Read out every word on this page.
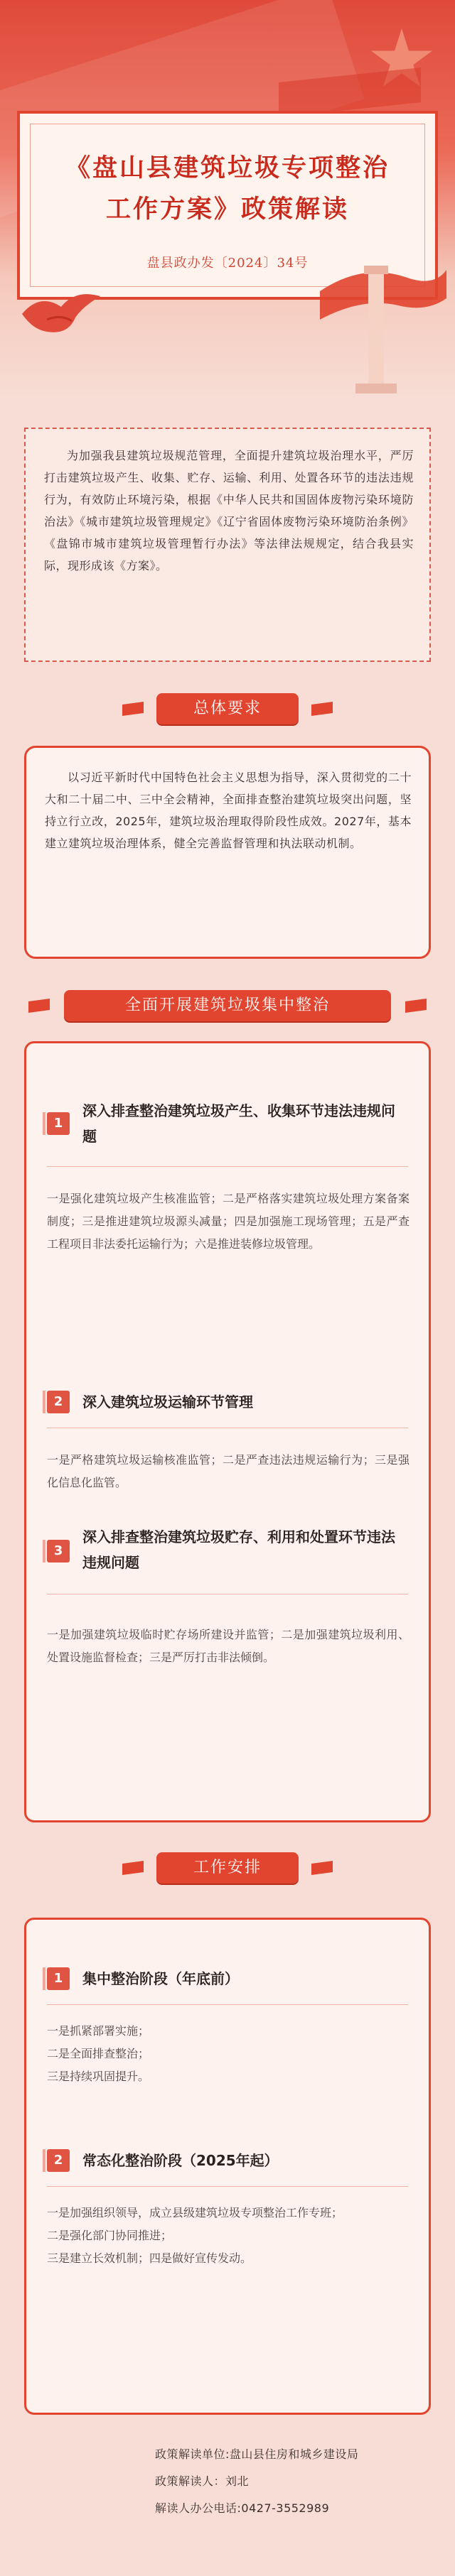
《盘山县建筑垃圾专项整治
工作方案》政策解读
盘县政办发〔2024〕34号
为加强我县建筑垃圾规范管理，全面提升建筑垃圾治理水平，严厉打击建筑垃圾产生、收集、贮存、运输、利用、处置各环节的违法违规行为，有效防止环境污染，根据《中华人民共和国固体废物污染环境防治法》《城市建筑垃圾管理规定》《辽宁省固体废物污染环境防治条例》《盘锦市城市建筑垃圾管理暂行办法》等法律法规规定，结合我县实际，现形成该《方案》。
总体要求
以习近平新时代中国特色社会主义思想为指导，深入贯彻党的二十大和二十届二中、三中全会精神，全面排查整治建筑垃圾突出问题，坚持立行立改，2025年，建筑垃圾治理取得阶段性成效。2027年，基本建立建筑垃圾治理体系，健全完善监督管理和执法联动机制。
全面开展建筑垃圾集中整治
1
深入排查整治建筑垃圾产生、收集环节违法违规问题
一是强化建筑垃圾产生核准监管；二是严格落实建筑垃圾处理方案备案制度；三是推进建筑垃圾源头减量；四是加强施工现场管理；五是严查工程项目非法委托运输行为；六是推进装修垃圾管理。
2	深入建筑垃圾运输环节管理
一是严格建筑垃圾运输核准监管；二是严查违法违规运输行为；三是强化信息化监管。
3
深入排查整治建筑垃圾贮存、利用和处置环节违法违规问题
一是加强建筑垃圾临时贮存场所建设并监管；二是加强建筑垃圾利用、处置设施监督检查；三是严厉打击非法倾倒。
工作安排
1	集中整治阶段（年底前）
一是抓紧部署实施；
二是全面排查整治；
三是持续巩固提升。
2	常态化整治阶段（2025年起）
一是加强组织领导，成立县级建筑垃圾专项整治工作专班；
二是强化部门协同推进；
三是建立长效机制；四是做好宣传发动。
政策解读单位:盘山县住房和城乡建设局
政策解读人：刘北
解读人办公电话:0427-3552989
